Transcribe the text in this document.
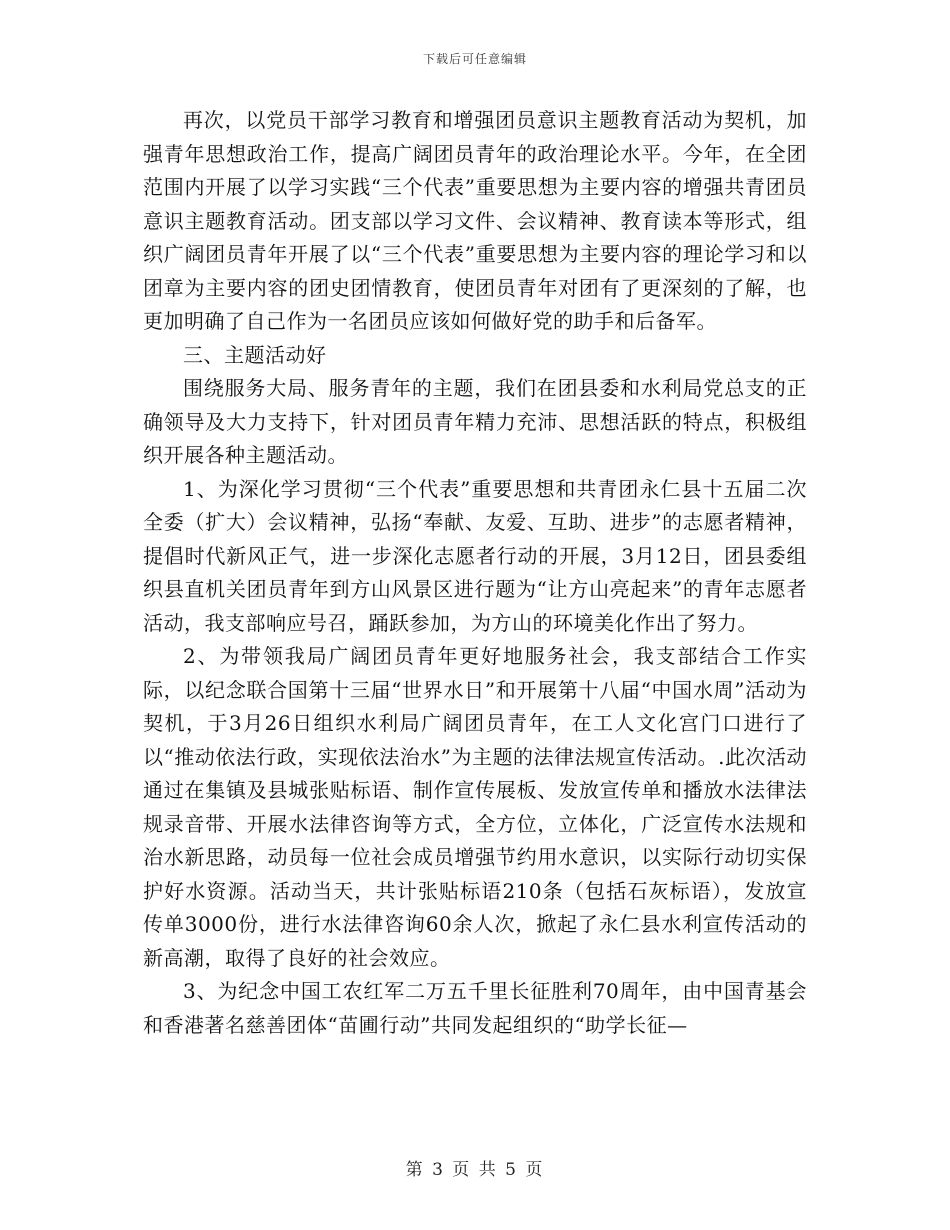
下载后可任意编辑

再次，以党员干部学习教育和增强团员意识主题教育活动为契机，加强青年思想政治工作，提高广阔团员青年的政治理论水平。今年，在全团范围内开展了以学习实践“三个代表”重要思想为主要内容的增强共青团员意识主题教育活动。团支部以学习文件、会议精神、教育读本等形式，组织广阔团员青年开展了以“三个代表”重要思想为主要内容的理论学习和以团章为主要内容的团史团情教育，使团员青年对团有了更深刻的了解，也更加明确了自己作为一名团员应该如何做好党的助手和后备军。

三、主题活动好

围绕服务大局、服务青年的主题，我们在团县委和水利局党总支的正确领导及大力支持下，针对团员青年精力充沛、思想活跃的特点，积极组织开展各种主题活动。

1、为深化学习贯彻“三个代表”重要思想和共青团永仁县十五届二次全委（扩大）会议精神，弘扬“奉献、友爱、互助、进步”的志愿者精神，提倡时代新风正气，进一步深化志愿者行动的开展，3月12日，团县委组织县直机关团员青年到方山风景区进行题为“让方山亮起来”的青年志愿者活动，我支部响应号召，踊跃参加，为方山的环境美化作出了努力。

2、为带领我局广阔团员青年更好地服务社会，我支部结合工作实际，以纪念联合国第十三届“世界水日”和开展第十八届“中国水周”活动为契机，于3月26日组织水利局广阔团员青年，在工人文化宫门口进行了以“推动依法行政，实现依法治水”为主题的法律法规宣传活动。.此次活动通过在集镇及县城张贴标语、制作宣传展板、发放宣传单和播放水法律法规录音带、开展水法律咨询等方式，全方位，立体化，广泛宣传水法规和治水新思路，动员每一位社会成员增强节约用水意识，以实际行动切实保护好水资源。活动当天，共计张贴标语210条（包括石灰标语），发放宣传单3000份，进行水法律咨询60余人次，掀起了永仁县水利宣传活动的新高潮，取得了良好的社会效应。

3、为纪念中国工农红军二万五千里长征胜利70周年，由中国青基会和香港著名慈善团体“苗圃行动”共同发起组织的“助学长征—

第 3 页 共 5 页
